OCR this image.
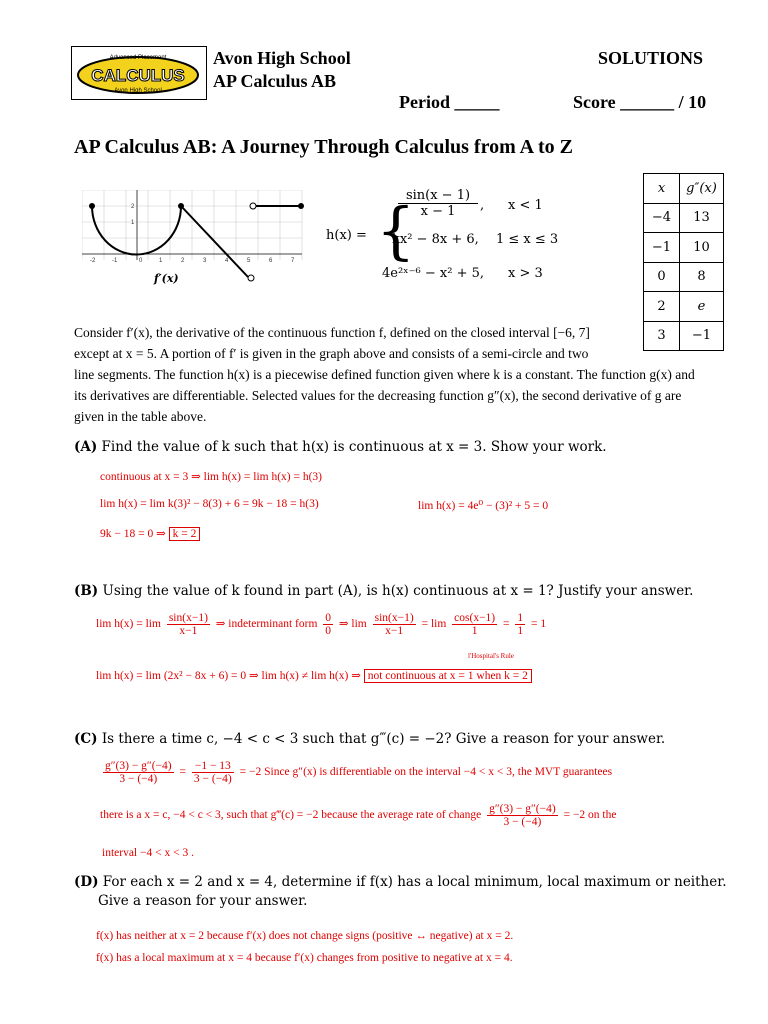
Advanced Placement
CALCULUS
Avon High School
Avon High School
AP Calculus AB
SOLUTIONS
Period _____	Score ______ / 10
AP Calculus AB: A Journey Through Calculus from A to Z
-2	-1	0	1	2	3	4	5	6	7
2
1
f′(x)
h(x) = {
sin(x − 1)
x − 1	, x < 1
kx² − 8x + 6,	1 ≤ x ≤ 3
4e²ˣ⁻⁶ − x² + 5,	x > 3
x	g″(x)
−4	13
−1	10
0	8
2	e
3	−1

Consider f′(x), the derivative of the continuous function f, defined on the closed interval [−6, 7]

except at x = 5. A portion of f′ is given in the graph above and consists of a semi-circle and two

line segments. The function h(x) is a piecewise defined function given where k is a constant. The function g(x) and

its derivatives are differentiable. Selected values for the decreasing function g″(x), the second derivative of g are

given in the table above.

(A) Find the value of k such that h(x) is continuous at x = 3. Show your work.
continuous at x = 3 ⇒ lim h(x) = lim h(x) = h(3)
lim h(x) = lim k(3)² − 8(3) + 6 = 9k − 18 = h(3)	lim h(x) = 4e⁰ − (3)² + 5 = 0
9k − 18 = 0 ⇒ k = 2
(B) Using the value of k found in part (A), is h(x) continuous at x = 1? Justify your answer.
$\lim h(x) = \lim \frac{\sin(x-1)}{x-1}$ ⇒ indeterminant form $\frac{0}{0}$ ⇒ $\lim \frac{\sin(x-1)}{x-1} = \lim \frac{\cos(x-1)}{1} = \frac{1}{1} = 1$
l'Hospital's Rule
lim h(x) = lim (2x² − 8x + 6) = 0 ⇒ lim h(x) ≠ lim h(x) ⇒ not continuous at x = 1 when k = 2
(C) Is there a time c, −4 < c < 3 such that g‴(c) = −2? Give a reason for your answer.
$\frac{g''(3) - g''(-4)}{3 - (-4)} = \frac{-1 - 13}{3 - (-4)} = -2$ Since g″(x) is differentiable on the interval −4 < x < 3, the MVT guarantees
there is a x = c, −4 < c < 3, such that g‴(c) = −2 because the average rate of change $\frac{g''(3) - g''(-4)}{3 - (-4)} = -2$ on the
interval −4 < x < 3 .
(D) For each x = 2 and x = 4, determine if f(x) has a local minimum, local maximum or neither.
Give a reason for your answer.
f(x) has neither at x = 2 because f′(x) does not change signs (positive ↔ negative) at x = 2.
f(x) has a local maximum at x = 4 because f′(x) changes from positive to negative at x = 4.
